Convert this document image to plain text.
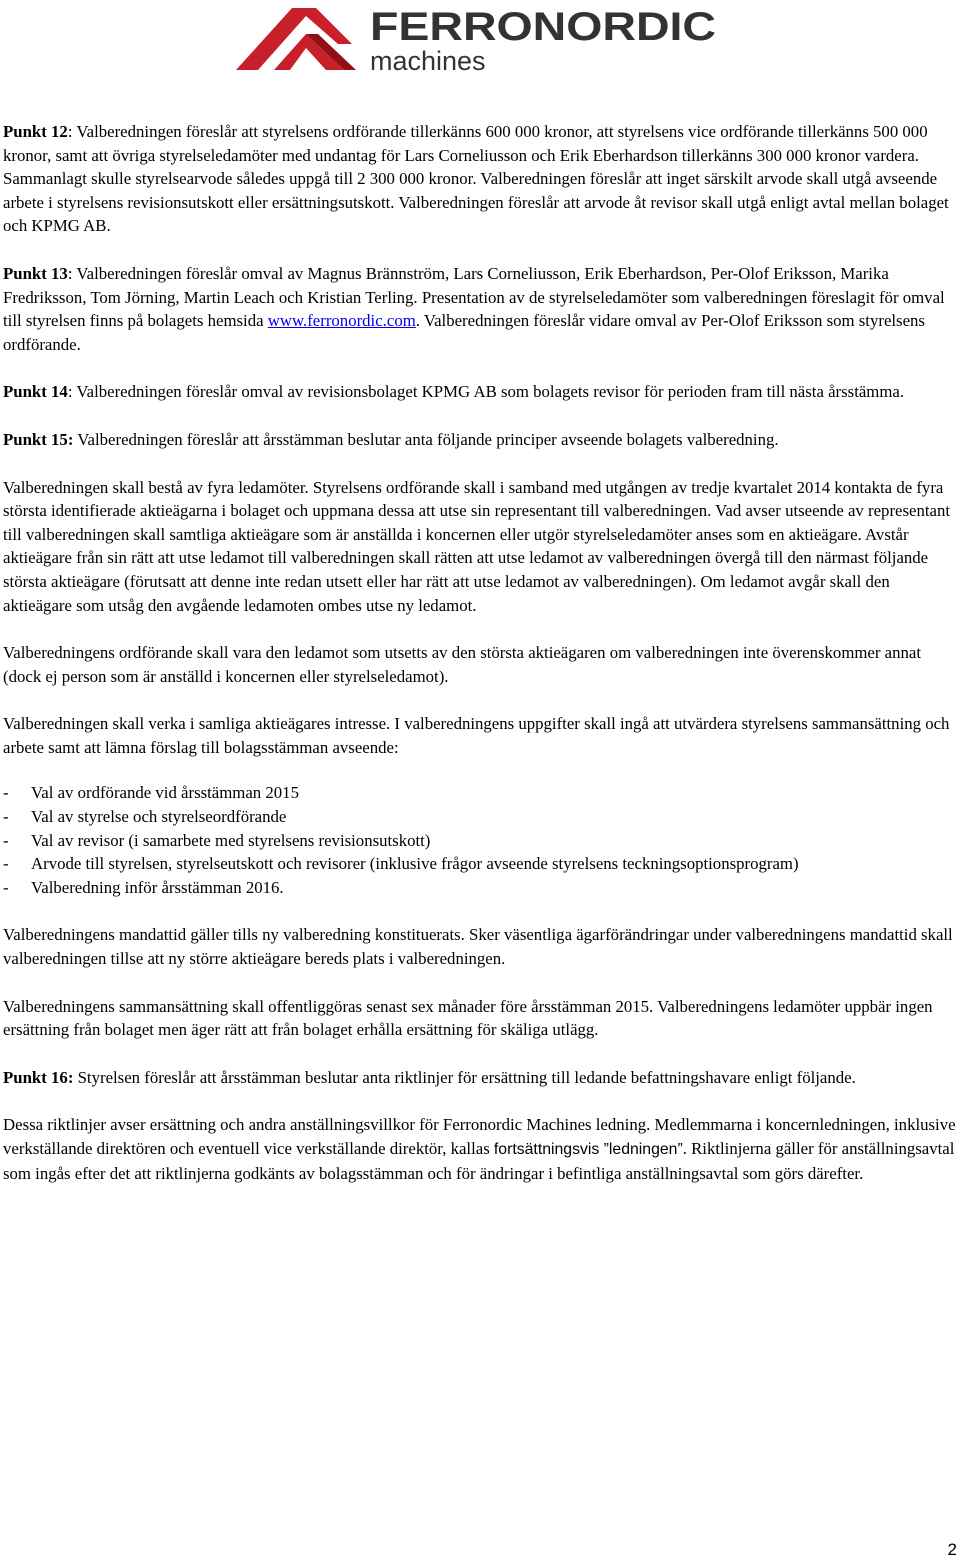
FERRONORDIC
machines

Punkt 12: Valberedningen föreslår att styrelsens ordförande tillerkänns 600 000 kronor, att styrelsens vice ordförande tillerkänns 500 000 kronor, samt att övriga styrelseledamöter med undantag för Lars Corneliusson och Erik Eberhardson tillerkänns 300 000 kronor vardera. Sammanlagt skulle styrelsearvode således uppgå till 2 300 000 kronor. Valberedningen föreslår att inget särskilt arvode skall utgå avseende arbete i styrelsens revisionsutskott eller ersättningsutskott. Valberedningen föreslår att arvode åt revisor skall utgå enligt avtal mellan bolaget och KPMG AB.

Punkt 13: Valberedningen föreslår omval av Magnus Brännström, Lars Corneliusson, Erik Eberhardson, Per-Olof Eriksson, Marika Fredriksson, Tom Jörning, Martin Leach och Kristian Terling. Presentation av de styrelseledamöter som valberedningen föreslagit för omval till styrelsen finns på bolagets hemsida www.ferronordic.com. Valberedningen föreslår vidare omval av Per-Olof Eriksson som styrelsens ordförande.

Punkt 14: Valberedningen föreslår omval av revisionsbolaget KPMG AB som bolagets revisor för perioden fram till nästa årsstämma.

Punkt 15: Valberedningen föreslår att årsstämman beslutar anta följande principer avseende bolagets valberedning.

Valberedningen skall bestå av fyra ledamöter. Styrelsens ordförande skall i samband med utgången av tredje kvartalet 2014 kontakta de fyra största identifierade aktieägarna i bolaget och uppmana dessa att utse sin representant till valberedningen. Vad avser utseende av representant till valberedningen skall samtliga aktieägare som är anställda i koncernen eller utgör styrelseledamöter anses som en aktieägare. Avstår aktieägare från sin rätt att utse ledamot till valberedningen skall rätten att utse ledamot av valberedningen övergå till den närmast följande största aktieägare (förutsatt att denne inte redan utsett eller har rätt att utse ledamot av valberedningen). Om ledamot avgår skall den aktieägare som utsåg den avgående ledamoten ombes utse ny ledamot.

Valberedningens ordförande skall vara den ledamot som utsetts av den största aktieägaren om valberedningen inte överenskommer annat (dock ej person som är anställd i koncernen eller styrelseledamot).

Valberedningen skall verka i samliga aktieägares intresse. I valberedningens uppgifter skall ingå att utvärdera styrelsens sammansättning och arbete samt att lämna förslag till bolagsstämman avseende:

- Val av ordförande vid årsstämman 2015
- Val av styrelse och styrelseordförande
- Val av revisor (i samarbete med styrelsens revisionsutskott)
- Arvode till styrelsen, styrelseutskott och revisorer (inklusive frågor avseende styrelsens teckningsoptionsprogram)
- Valberedning inför årsstämman 2016.

Valberedningens mandattid gäller tills ny valberedning konstituerats. Sker väsentliga ägarförändringar under valberedningens mandattid skall valberedningen tillse att ny större aktieägare bereds plats i valberedningen.

Valberedningens sammansättning skall offentliggöras senast sex månader före årsstämman 2015. Valberedningens ledamöter uppbär ingen ersättning från bolaget men äger rätt att från bolaget erhålla ersättning för skäliga utlägg.

Punkt 16: Styrelsen föreslår att årsstämman beslutar anta riktlinjer för ersättning till ledande befattningshavare enligt följande.

Dessa riktlinjer avser ersättning och andra anställningsvillkor för Ferronordic Machines ledning. Medlemmarna i koncernledningen, inklusive verkställande direktören och eventuell vice verkställande direktör, kallas fortsättningsvis ”ledningen”. Riktlinjerna gäller för anställningsavtal som ingås efter det att riktlinjerna godkänts av bolagsstämman och för ändringar i befintliga anställningsavtal som görs därefter.

2
